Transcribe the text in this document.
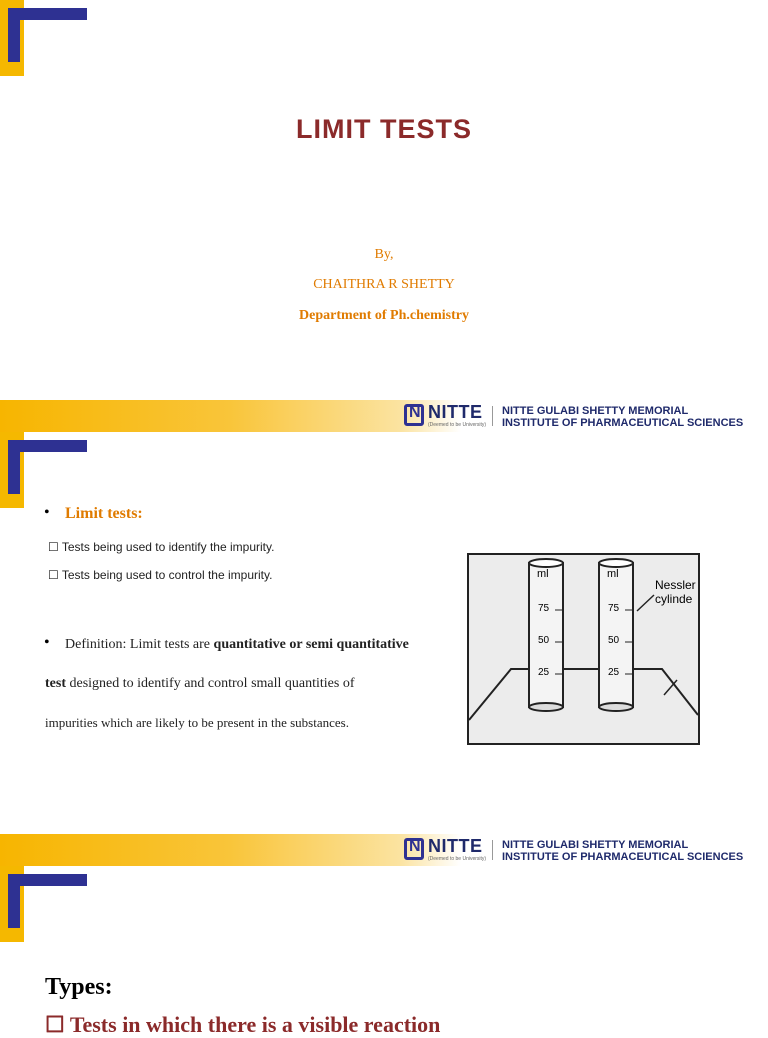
LIMIT TESTS
By,
CHAITHRA R SHETTY
Department of Ph.chemistry
N
NITTE
(Deemed to be University)
NITTE GULABI SHETTY MEMORIAL
INSTITUTE OF PHARMACEUTICAL SCIENCES
• Limit tests:
☐ Tests being used to identify the impurity.
☐ Tests being used to control the impurity.
• Definition: Limit tests are quantitative or semi quantitative
test designed to identify and control small quantities of
impurities which are likely to be present in the substances.
ml	ml
75
50
25
75
50
25
Nessler
cylinde
N
NITTE
(Deemed to be University)
NITTE GULABI SHETTY MEMORIAL
INSTITUTE OF PHARMACEUTICAL SCIENCES
Types:
☐ Tests in which there is a visible reaction
